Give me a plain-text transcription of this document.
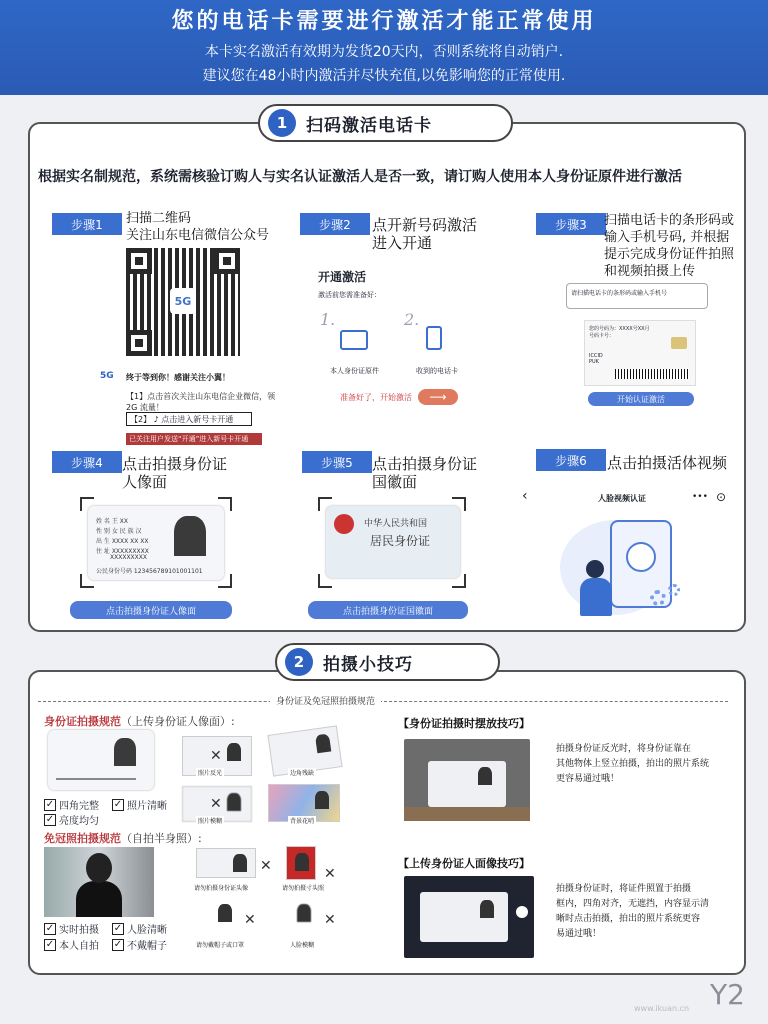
您的电话卡需要进行激活才能正常使用
本卡实名激活有效期为发货20天内，否则系统将自动销户.
建议您在48小时内激活并尽快充值,以免影响您的正常使用.
1	扫码激活电话卡
根据实名制规范，系统需核验订购人与实名认证激活人是否一致，请订购人使用本人身份证原件进行激活
步骤1	扫描二维码
关注山东电信微信公众号
5G
5G 终于等到你！感谢关注小翼！
【1】点击首次关注山东电信企业微信，领 2G 流量！
【2】 ♪ 点击进入新号卡开通
已关注用户发送“开通”进入新号卡开通
步骤2	点开新号码激活
进入开通
开通激活
激活前您需准备好：
1.	2.
本人身份证原件	收到的电话卡
准备好了，开始激活	⟶
步骤3	扫描电话卡的条形码或
输入手机号码, 并根据
提示完成身份证件拍照
和视频拍摄上传
请扫描电话卡的条形码或输入手机号
您的号码为：XXXX号XX月
号码卡号：
ICCID
PUK
开始认证激活
步骤4	点击拍摄身份证
人像面
姓 名 王 XX
性 别 女 民 族 汉
出 生 XXXX XX XX
住 址 XXXXXXXXX
XXXXXXXXX
公民身份号码 123456789101001101
点击拍摄身份证人像面
步骤5	点击拍摄身份证
国徽面
中华人民共和国
居民身份证
点击拍摄身份证国徽面
步骤6	点击拍摄活体视频
‹	人脸视频认证	••• ⊙
2	拍摄小技巧
身份证及免冠照拍摄规范
身份证拍摄规范（上传身份证人像面）:
✓ 四角完整 ✓ 照片清晰
✓ 亮度均匀
✕
照片反光	边角残缺
✕
照片模糊	背景花哨
免冠照拍摄规范（自拍半身照）:
✓ 实时拍摄 ✓ 人脸清晰
✓ 本人自拍 ✓ 不戴帽子
✕
请勿拍摄身份证头像
✕
请勿拍摄寸头照
✕
请勿戴帽子或口罩
✕
人脸模糊
【身份证拍摄时摆放技巧】
拍摄身份证反光时，将身份证靠在
其他物体上竖立拍摄，拍出的照片系统
更容易通过哦！
【上传身份证人面像技巧】
拍摄身份证时，将证件照置于拍摄
框内，四角对齐，无遮挡，内容显示清
晰时点击拍摄，拍出的照片系统更容
易通过哦！
Y2
www.ikuan.cn
